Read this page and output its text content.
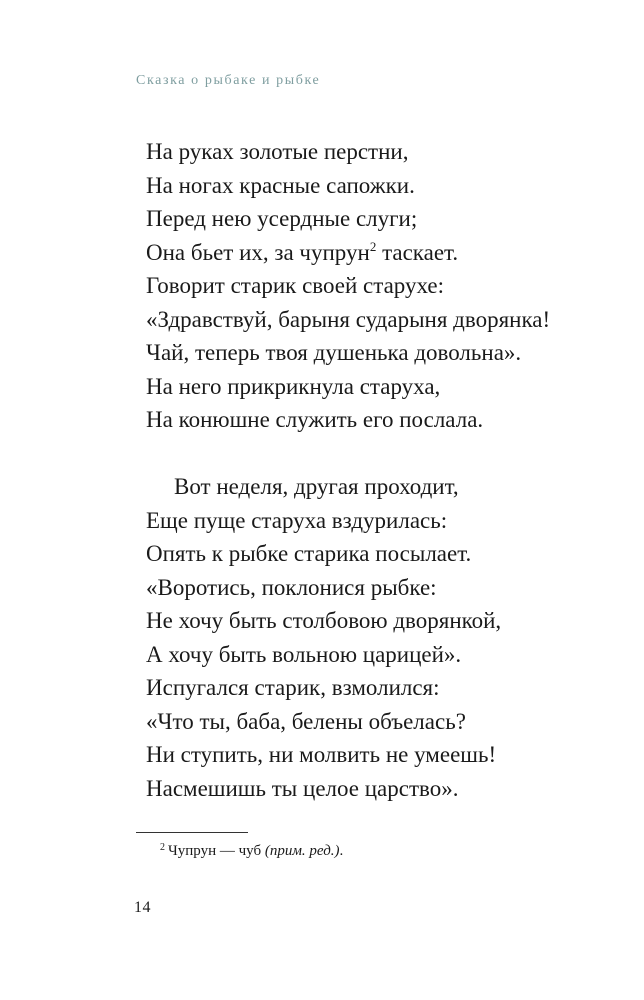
Сказка о рыбаке и рыбке
На руках золотые перстни,
На ногах красные сапожки.
Перед нею усердные слуги;
Она бьет их, за чупрун$^2$ таскает.
Говорит старик своей старухе:
«Здравствуй, барыня сударыня дворянка!
Чай, теперь твоя душенька довольна».
На него прикрикнула старуха,
На конюшне служить его послала.
Вот неделя, другая проходит,
Еще пуще старуха вздурилась:
Опять к рыбке старика посылает.
«Воротись, поклонися рыбке:
Не хочу быть столбовою дворянкой,
А хочу быть вольною царицей».
Испугался старик, взмолился:
«Что ты, баба, белены объелась?
Ни ступить, ни молвить не умеешь!
Насмешишь ты целое царство».
$^2$ Чупрун — чуб (прим. ред.).
14
